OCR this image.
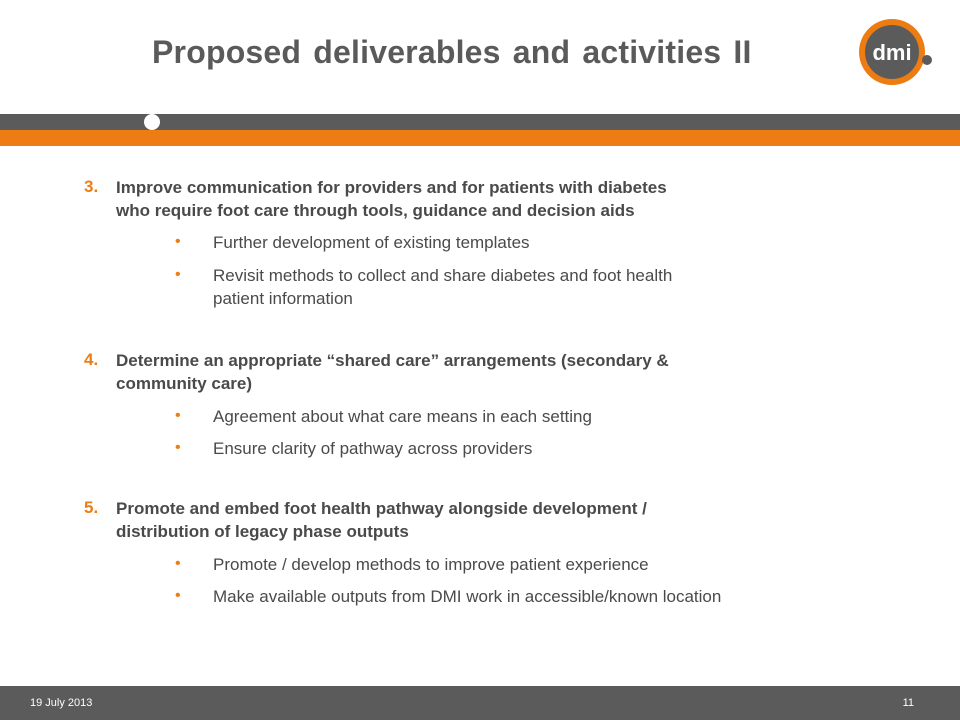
Proposed deliverables and activities II	dmi
3. Improve communication for providers and for patients with diabetes
who require foot care through tools, guidance and decision aids
• Further development of existing templates
• Revisit methods to collect and share diabetes and foot health
patient information
4. Determine an appropriate “shared care” arrangements (secondary &
community care)
• Agreement about what care means in each setting
• Ensure clarity of pathway across providers
5. Promote and embed foot health pathway alongside development /
distribution of legacy phase outputs
• Promote / develop methods to improve patient experience
• Make available outputs from DMI work in accessible/known location
19 July 2013	11
